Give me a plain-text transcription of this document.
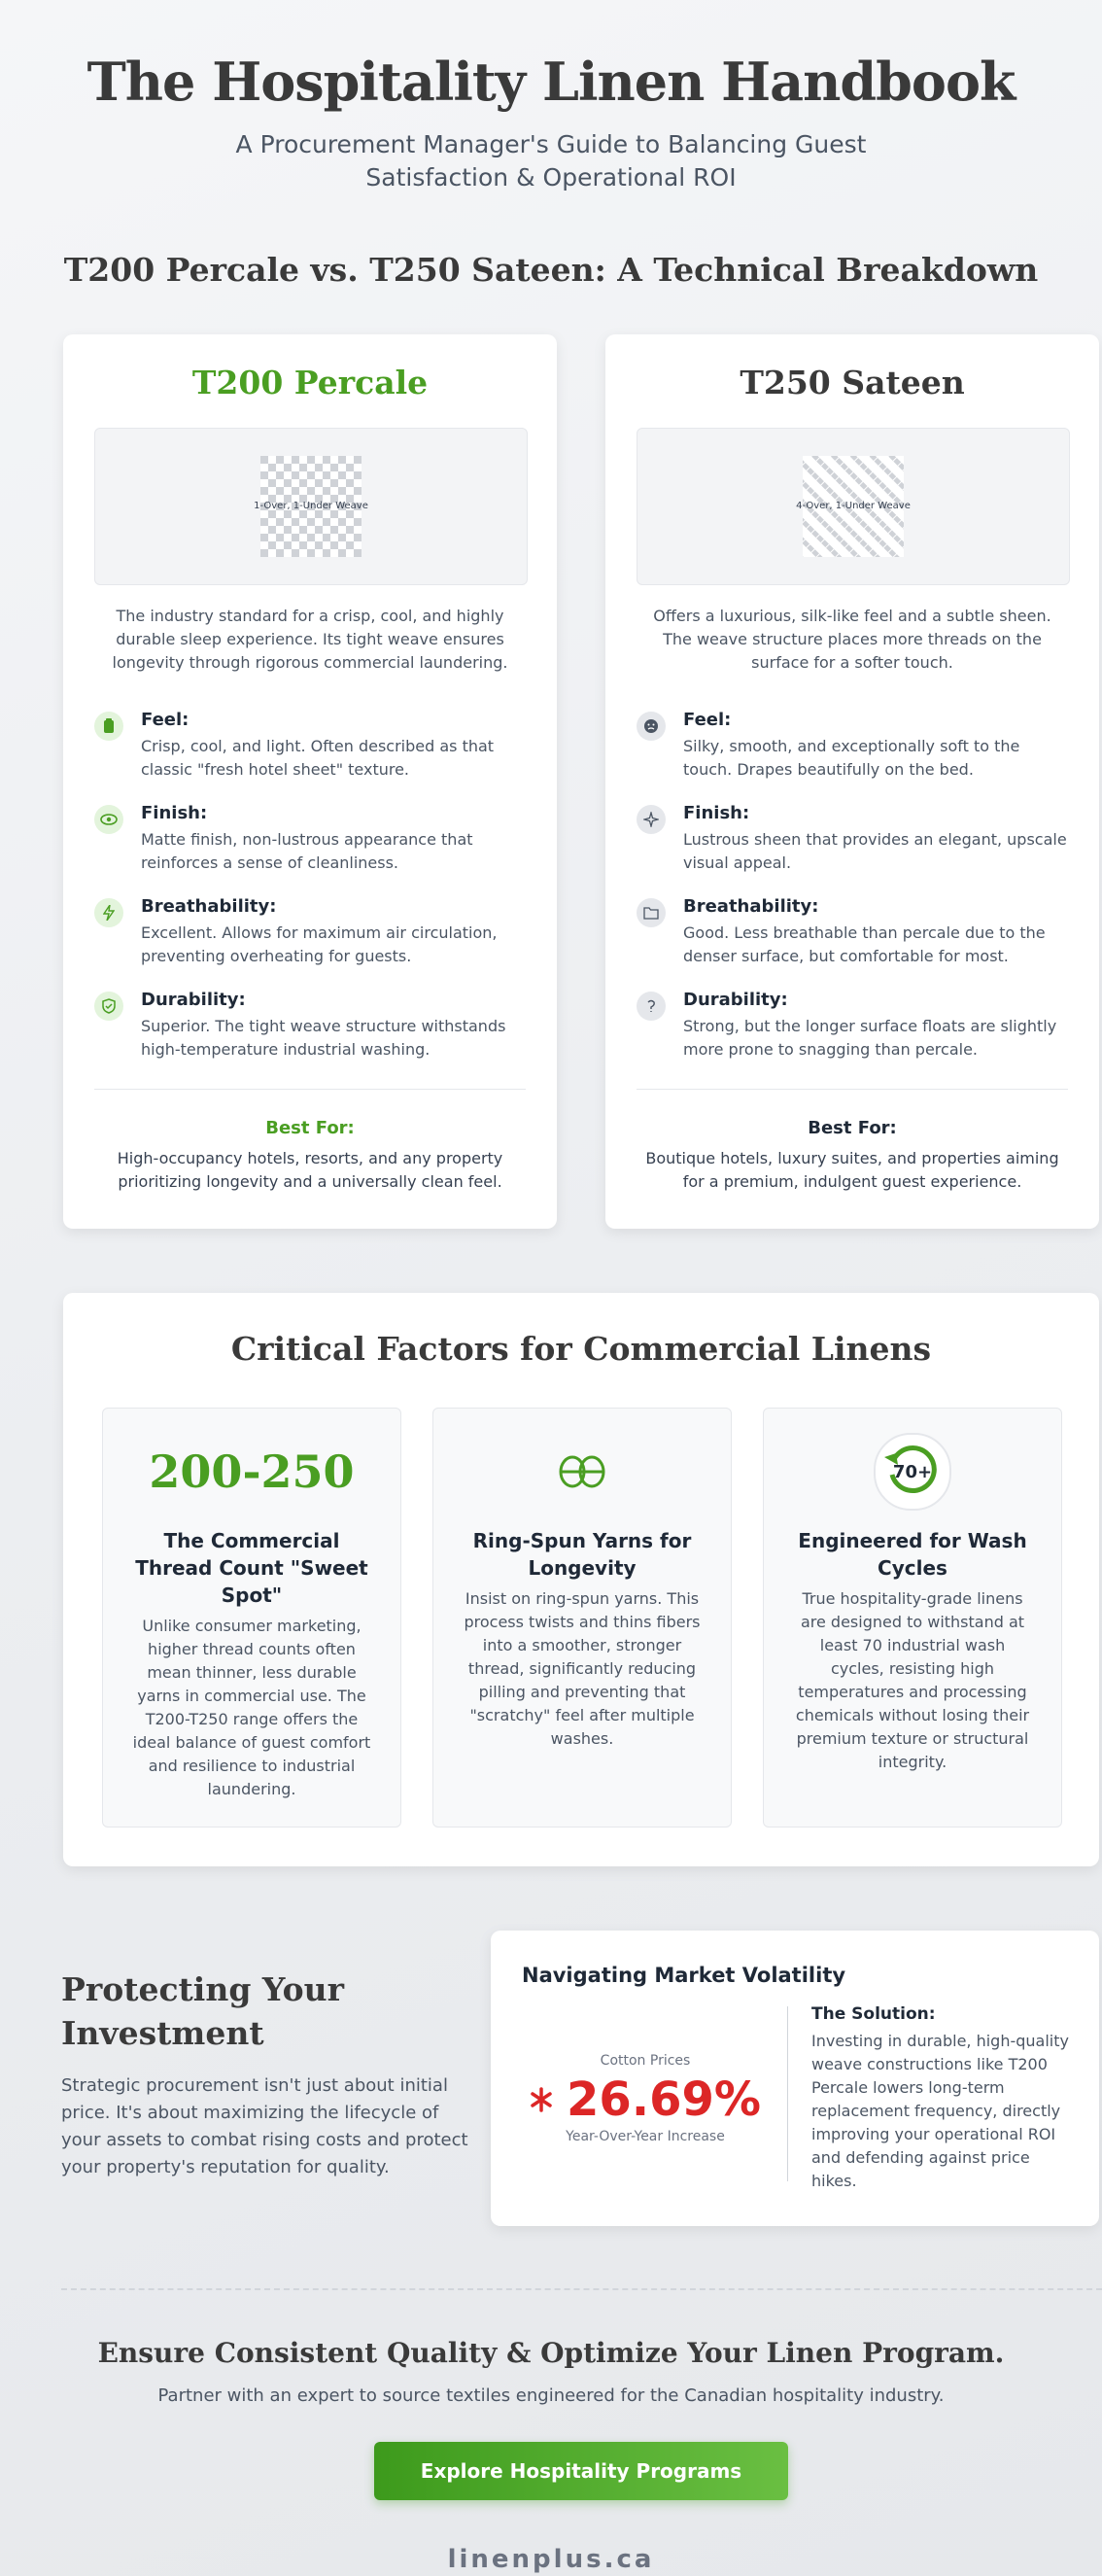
The Hospitality Linen Handbook
A Procurement Manager's Guide to Balancing Guest Satisfaction & Operational ROI
T200 Percale vs. T250 Sateen: A Technical Breakdown
T200 Percale
1-Over, 1-Under Weave
The industry standard for a crisp, cool, and highly durable sleep experience. Its tight weave ensures longevity through rigorous commercial laundering.
Feel:
Crisp, cool, and light. Often described as that classic "fresh hotel sheet" texture.
Finish:
Matte finish, non-lustrous appearance that reinforces a sense of cleanliness.
Breathability:
Excellent. Allows for maximum air circulation, preventing overheating for guests.
Durability:
Superior. The tight weave structure withstands high-temperature industrial washing.
Best For:
High-occupancy hotels, resorts, and any property prioritizing longevity and a universally clean feel.
T250 Sateen
4-Over, 1-Under Weave
Offers a luxurious, silk-like feel and a subtle sheen. The weave structure places more threads on the surface for a softer touch.
Feel:
Silky, smooth, and exceptionally soft to the touch. Drapes beautifully on the bed.
Finish:
Lustrous sheen that provides an elegant, upscale visual appeal.
Breathability:
Good. Less breathable than percale due to the denser surface, but comfortable for most.
Durability:
Strong, but the longer surface floats are slightly more prone to snagging than percale.
Best For:
Boutique hotels, luxury suites, and properties aiming for a premium, indulgent guest experience.
Critical Factors for Commercial Linens
200-250
The Commercial Thread Count "Sweet Spot"
Unlike consumer marketing, higher thread counts often mean thinner, less durable yarns in commercial use. The T200-T250 range offers the ideal balance of guest comfort and resilience to industrial laundering.
Ring-Spun Yarns for Longevity
Insist on ring-spun yarns. This process twists and thins fibers into a smoother, stronger thread, significantly reducing pilling and preventing that "scratchy" feel after multiple washes.
70+
Engineered for Wash Cycles
True hospitality-grade linens are designed to withstand at least 70 industrial wash cycles, resisting high temperatures and processing chemicals without losing their premium texture or structural integrity.
Protecting Your Investment
Strategic procurement isn't just about initial price. It's about maximizing the lifecycle of your assets to combat rising costs and protect your property's reputation for quality.
Navigating Market Volatility
Cotton Prices
26.69%
Year-Over-Year Increase
The Solution:
Investing in durable, high-quality weave constructions like T200 Percale lowers long-term replacement frequency, directly improving your operational ROI and defending against price hikes.
Ensure Consistent Quality & Optimize Your Linen Program.
Partner with an expert to source textiles engineered for the Canadian hospitality industry.
Explore Hospitality Programs
linenplus.ca
